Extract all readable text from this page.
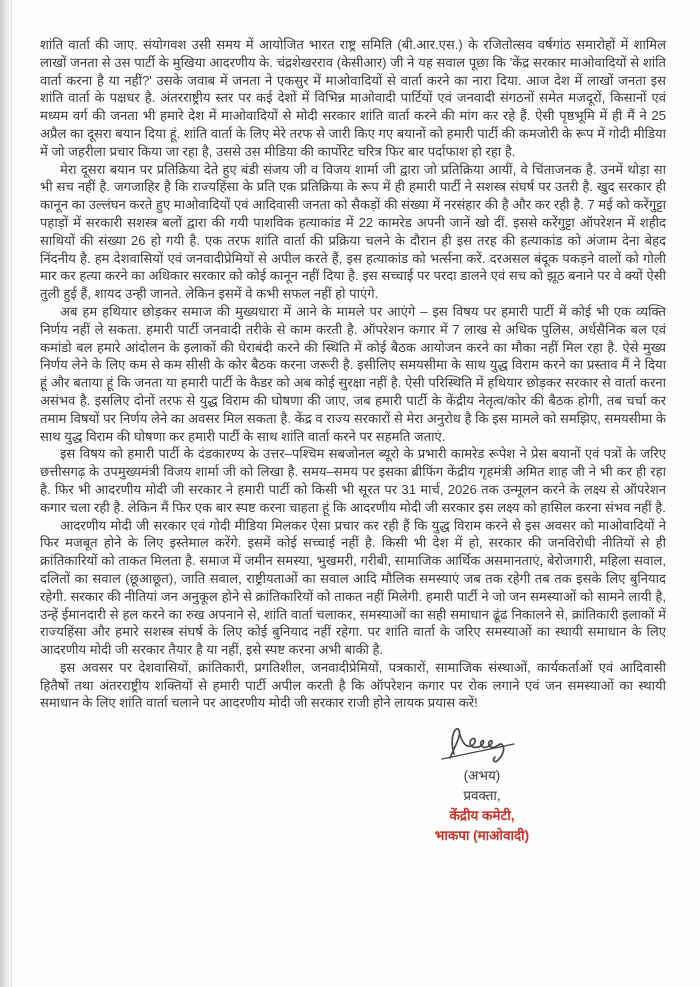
शांति वार्ता की जाए. संयोगवश उसी समय में आयोजित भारत राष्ट्र समिति (बी.आर.एस.) के रजितोत्सव वर्षगांठ समारोहों में शामिल लाखों जनता से उस पार्टी के मुखिया आदरणीय के. चंद्रशेखरराव (केसीआर) जी ने यह सवाल पूछा कि 'केंद्र सरकार माओवादियों से शांति वार्ता करना है या नहीं?' उसके जवाब में जनता ने एकसुर में माओवादियों से वार्ता करने का नारा दिया. आज देश में लाखों जनता इस शांति वार्ता के पक्षधर है. अंतरराष्ट्रीय स्तर पर कई देशों में विभिन्न माओवादी पार्टियों एवं जनवादी संगठनों समेत मजदूरों, किसानों एवं मध्यम वर्ग की जनता भी हमारे देश में माओवादियों से मोदी सरकार शांति वार्ता करने की मांग कर रहे हैं. ऐसी पृष्ठभूमि में ही मैं ने 25 अप्रैल का दूसरा बयान दिया हूं. शांति वार्ता के लिए मेरे तरफ से जारी किए गए बयानों को हमारी पार्टी की कमजोरी के रूप में गोदी मीडिया में जो जहरीला प्रचार किया जा रहा है, उससे उस मीडिया की कार्पोरेट चरित्र फिर बार पर्दाफाश हो रहा है.

मेरा दूसरा बयान पर प्रतिक्रिया देते हुए बंडी संजय जी व विजय शार्मा जी द्वारा जो प्रतिक्रिया आयीं, वे चिंताजनक है. उनमें थोड़ा सा भी सच नहीं है. जगजाहिर है कि राज्यहिंसा के प्रति एक प्रतिक्रिया के रूप में ही हमारी पार्टी ने सशस्त्र संघर्ष पर उतरी है. खुद सरकार ही कानून का उल्लंघन करते हुए माओवादियों एवं आदिवासी जनता को सैकड़ों की संख्या में नरसंहार की है और कर रही है. 7 मई को करेंगुट्टा पहाड़ों में सरकारी सशस्त्र बलों द्वारा की गयी पाशविक हत्याकांड में 22 कामरेड अपनी जानें खो दीं. इससे करेंगुट्टा ऑपरेशन में शहीद साथियों की संख्या 26 हो गयी है. एक तरफ शांति वार्ता की प्रक्रिया चलने के दौरान ही इस तरह की हत्याकांड को अंजाम देना बेहद निंदनीय है. हम देशवासियों एवं जनवादीप्रेमियों से अपील करते हैं, इस हत्याकांड को भर्त्सना करें. दरअसल बंदूक पकड़ने वालों को गोली मार कर हत्या करने का अधिकार सरकार को कोई कानून नहीं दिया है. इस सच्चाई पर परदा डालने एवं सच को झूठ बनाने पर वे क्यों ऐसी तुली हुई हैं, शायद उन्ही जानते. लेकिन इसमें वे कभी सफल नहीं हो पाएंगे.

अब हम हथियार छोड़कर समाज की मुख्यधारा में आने के मामले पर आएंगे – इस विषय पर हमारी पार्टी में कोई भी एक व्यक्ति निर्णय नहीं ले सकता. हमारी पार्टी जनवादी तरीके से काम करती है. ऑपरेशन कगार में 7 लाख से अधिक पुलिस, अर्धसैनिक बल एवं कमांडो बल हमारे आंदोलन के इलाकों की घेराबंदी करने की स्थिति में कोई बैठक आयोजन करने का मौका नहीं मिल रहा है. ऐसे मुख्य निर्णय लेने के लिए कम से कम सीसी के कोर बैठक करना जरूरी है. इसीलिए समयसीमा के साथ युद्ध विराम करने का प्रस्ताव मैं ने दिया हूं और बताया हूं कि जनता या हमारी पार्टी के कैडर को अब कोई सुरक्षा नहीं है. ऐसी परिस्थिति में हथियार छोड़कर सरकार से वार्ता करना असंभव है. इसलिए दोनों तरफ से युद्ध विराम की घोषणा की जाए, जब हमारी पार्टी के केंद्रीय नेतृत्व/कोर की बैठक होगी, तब चर्चा कर तमाम विषयों पर निर्णय लेने का अवसर मिल सकता है. केंद्र व राज्य सरकारों से मेरा अनुरोध है कि इस मामले को समझिए, समयसीमा के साथ युद्ध विराम की घोषणा कर हमारी पार्टी के साथ शांति वार्ता करने पर सहमति जताएं.

इस विषय को हमारी पार्टी के दंडकारण्य के उत्तर–पश्चिम सबजोनल ब्यूरो के प्रभारी कामरेड रूपेश ने प्रेस बयानों एवं पत्रों के जरिए छत्तीसगढ़ के उपमुख्यमंत्री विजय शार्मा जी को लिखा है. समय–समय पर इसका ब्रीफिंग केंद्रीय गृहमंत्री अमित शाह जी ने भी कर ही रहा है. फिर भी आदरणीय मोदी जी सरकार ने हमारी पार्टी को किसी भी सूरत पर 31 मार्च, 2026 तक उन्मूलन करने के लक्ष्य से ऑपरेशन कगार चला रही है. लेकिन मैं फिर एक बार स्पष्ट करना चाहता हूं कि आदरणीय मोदी जी सरकार इस लक्ष्य को हासिल करना संभव नहीं है.

आदरणीय मोदी जी सरकार एवं गोदी मीडिया मिलकर ऐसा प्रचार कर रही हैं कि युद्ध विराम करने से इस अवसर को माओवादियों ने फिर मजबूत होने के लिए इस्तेमाल करेंगे. इसमें कोई सच्चाई नहीं है. किसी भी देश में हो, सरकार की जनविरोधी नीतियों से ही क्रांतिकारियों को ताकत मिलता है. समाज में जमीन समस्या, भुखमरी, गरीबी, सामाजिक आर्थिक असमानताएं, बेरोजगारी, महिला सवाल, दलितों का सवाल (छूआछूत), जाति सवाल, राष्ट्रीयताओं का सवाल आदि मौलिक समस्याएं जब तक रहेगी तब तक इसके लिए बुनियाद रहेगी. सरकार की नीतियां जन अनुकूल होने से क्रांतिकारियों को ताकत नहीं मिलेगी. हमारी पार्टी ने जो जन समस्याओं को सामने लायी है, उन्हें ईमानदारी से हल करने का रुख अपनाने से, शांति वार्ता चलाकर, समस्याओं का सही समाधान ढूंढ निकालने से, क्रांतिकारी इलाकों में राज्यहिंसा और हमारे सशस्त्र संघर्ष के लिए कोई बुनियाद नहीं रहेगा. पर शांति वार्ता के जरिए समस्याओं का स्थायी समाधान के लिए आदरणीय मोदी जी सरकार तैयार है या नहीं, इसे स्पष्ट करना अभी बाकी है.

इस अवसर पर देशवासियों, क्रांतिकारी, प्रगतिशील, जनवादीप्रेमियों, पत्रकारों, सामाजिक संस्थाओं, कार्यकर्ताओं एवं आदिवासी हितैषों तथा अंतरराष्ट्रीय शक्तियों से हमारी पार्टी अपील करती है कि ऑपरेशन कगार पर रोक लगाने एवं जन समस्याओं का स्थायी समाधान के लिए शांति वार्ता चलाने पर आदरणीय मोदी जी सरकार राजी होने लायक प्रयास करें!

(अभय)
प्रवक्ता,
केंद्रीय कमेटी,
भाकपा (माओवादी)
